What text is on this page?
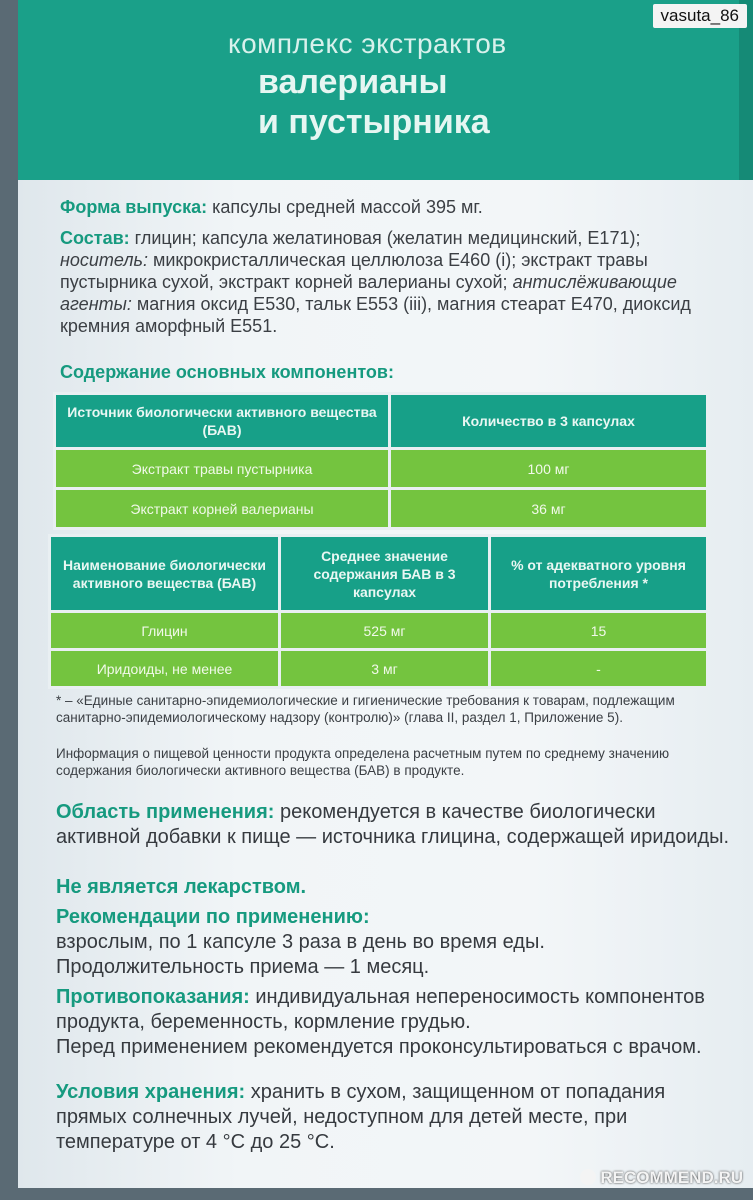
комплекс экстрактов
валерианы
и пустырника
vasuta_86
Форма выпуска: капсулы средней массой 395 мг.
Состав: глицин; капсула желатиновая (желатин медицинский, Е171); носитель: микрокристаллическая целлюлоза Е460 (i); экстракт травы пустырника сухой, экстракт корней валерианы сухой; антислёживающие агенты: магния оксид Е530, тальк Е553 (iii), магния стеарат Е470, диоксид кремния аморфный Е551.
Содержание основных компонентов:
Источник биологически активного вещества (БАВ)	Количество в 3 капсулах
Экстракт травы пустырника	100 мг
Экстракт корней валерианы	36 мг
Наименование биологически активного вещества (БАВ)	Среднее значение содержания БАВ в 3 капсулах	% от адекватного уровня потребления *
Глицин	525 мг	15
Иридоиды, не менее	3 мг	-
* – «Единые санитарно-эпидемиологические и гигиенические требования к товарам, подлежащим санитарно-эпидемиологическому надзору (контролю)» (глава II, раздел 1, Приложение 5).
Информация о пищевой ценности продукта определена расчетным путем по среднему значению содержания биологически активного вещества (БАВ) в продукте.
Область применения: рекомендуется в качестве биологически активной добавки к пище — источника глицина, содержащей иридоиды.
Не является лекарством.
Рекомендации по применению:
взрослым, по 1 капсуле 3 раза в день во время еды.
Продолжительность приема — 1 месяц.
Противопоказания: индивидуальная непереносимость компонентов продукта, беременность, кормление грудью.
Перед применением рекомендуется проконсультироваться с врачом.
Условия хранения: хранить в сухом, защищенном от попадания прямых солнечных лучей, недоступном для детей месте, при температуре от 4 °С до 25 °С.
RECOMMEND.RU
